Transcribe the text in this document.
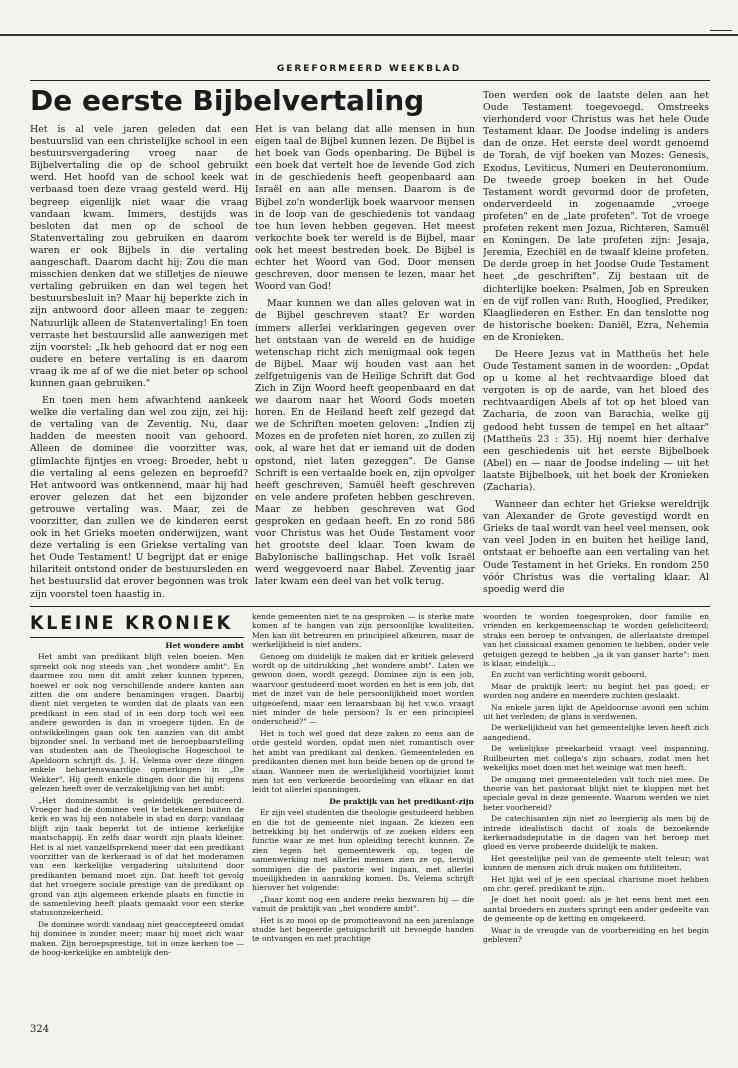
GEREFORMEERD WEEKBLAD
De eerste Bijbelvertaling

Het is al vele jaren geleden dat een bestuurslid van een christelijke school in een bestuursvergadering vroeg naar de Bijbelvertaling die op de school gebruikt werd. Het hoofd van de school keek wat verbaasd toen deze vraag gesteld werd. Hij begreep eigenlijk niet waar die vraag vandaan kwam. Immers, destijds was besloten dat men op de school de Statenvertaling zou gebruiken en daarom waren er ook Bijbels in die vertaling aangeschaft. Daarom dacht hij: Zou die man misschien denken dat we stilletjes de nieuwe vertaling gebruiken en dan wel tegen het bestuursbesluit in? Maar hij beperkte zich in zijn antwoord door alleen maar te zeggen: Natuurlijk alleen de Statenvertaling! En toen verraste het bestuurslid alle aanwezigen met zijn voorstel: „Ik heb gehoord dat er nog een oudere en betere vertaling is en daarom vraag ik me af of we die niet beter op school kunnen gaan gebruiken."

En toen men hem afwachtend aankeek welke die vertaling dan wel zou zijn, zei hij: de vertaling van de Zeventig. Nu, daar hadden de meesten nooit van gehoord. Alleen de dominee die voorzitter was, glimlachte fijntjes en vroeg: Broeder, hebt u die vertaling al eens gelezen en beproefd? Het antwoord was ontkennend, maar hij had erover gelezen dat het een bijzonder getrouwe vertaling was. Maar, zei de voorzitter, dan zullen we de kinderen eerst ook in het Grieks moeten onderwijzen, want deze vertaling is een Griekse vertaling van het Oude Testament! U begrijpt dat er enige hilariteit ontstond onder de bestuursleden en het bestuurslid dat erover begonnen was trok zijn voorstel toen haastig in.

Het is van belang dat alle mensen in hun eigen taal de Bijbel kunnen lezen. De Bijbel is het boek van Gods openbaring. De Bijbel is een boek dat vertelt hoe de levende God zich in de geschiedenis heeft geopenbaard aan Israël en aan alle mensen. Daarom is de Bijbel zo'n wonderlijk boek waarvoor mensen in de loop van de geschiedenis tot vandaag toe hun leven hebben gegeven. Het meest verkochte boek ter wereld is de Bijbel, maar ook het meest bestreden boek. De Bijbel is echter het Woord van God. Door mensen geschreven, door mensen te lezen, maar het Woord van God!

Maar kunnen we dan alles geloven wat in de Bijbel geschreven staat? Er worden immers allerlei verklaringen gegeven over het ontstaan van de wereld en de huidige wetenschap richt zich menigmaal ook tegen de Bijbel. Maar wij houden vast aan het zelfgetuigenis van de Heilige Schrift dat God Zich in Zijn Woord heeft geopenbaard en dat we daarom naar het Woord Gods moeten horen. En de Heiland heeft zelf gezegd dat we de Schriften moeten geloven: „Indien zij Mozes en de profeten niet horen, zo zullen zij ook, al ware het dat er iemand uit de doden opstond, niet laten gezeggen". De Ganse Schrift is een vertaalde boek en, zijn opvolger heeft geschreven, Samuël heeft geschreven en vele andere profeten hebben geschreven. Maar ze hebben geschreven wat God gesproken en gedaan heeft. En zo rond 586 voor Christus was het Oude Testament voor het grootste deel klaar. Toen kwam de Babylonische ballingschap. Het volk Israël werd weggevoerd naar Babel. Zeventig jaar later kwam een deel van het volk terug.

Toen werden ook de laatste delen aan het Oude Testament toegevoegd. Omstreeks vierhonderd voor Christus was het hele Oude Testament klaar. De Joodse indeling is anders dan de onze. Het eerste deel wordt genoemd de Torah, de vijf boeken van Mozes: Genesis, Exodus, Leviticus, Numeri en Deuteronomium. De tweede groep boeken in het Oude Testament wordt gevormd door de profeten, onderverdeeld in zogenaamde „vroege profeten" en de „late profeten". Tot de vroege profeten rekent men Jozua, Richteren, Samuël en Koningen. De late profeten zijn: Jesaja, Jeremia, Ezechiël en de twaalf kleine profeten. De derde groep in het Joodse Oude Testament heet „de geschriften". Zij bestaan uit de dichterlijke boeken: Psalmen, Job en Spreuken en de vijf rollen van: Ruth, Hooglied, Prediker, Klaagliederen en Esther. En dan tenslotte nog de historische boeken: Daniël, Ezra, Nehemia en de Kronieken.

De Heere Jezus vat in Mattheüs het hele Oude Testament samen in de woorden: „Opdat op u kome al het rechtvaardige bloed dat vergoten is op de aarde, van het bloed des rechtvaardigen Abels af tot op het bloed van Zacharia, de zoon van Barachia, welke gij gedood hebt tussen de tempel en het altaar" (Mattheüs 23 : 35). Hij noemt hier derhalve een geschiedenis uit het eerste Bijbelboek (Abel) en — naar de Joodse indeling — uit het laatste Bijbelboek, uit het boek der Kronieken (Zacharia).

Wanneer dan echter het Griekse wereldrijk van Alexander de Grote gevestigd wordt en Grieks de taal wordt van heel veel mensen, ook van veel Joden in en buiten het heilige land, ontstaat er behoefte aan een vertaling van het Oude Testament in het Grieks. En rondom 250 vóór Christus was die vertaling klaar. Al spoedig werd die

KLEINE KRONIEK
Het wondere ambt

Het ambt van predikant blijft velen boeien. Men spreekt ook nog steeds van „het wondere ambt". En daarmee zou men dit ambt zeker kunnen typeren, hoewel er ook nog verschillende andere kanten aan zitten die om andere benamingen vragen. Daarbij dient niet vergeten te worden dat de plaats van een predikant in een stad of in een dorp toch wel een andere geworden is dan in vroegere tijden. En de ontwikkelingen gaan ook ten aanzien van dit ambt bijzonder snel. In verband met de beroepbaarstelling van studenten aan de Theologische Hogeschool te Apeldoorn schrijft ds. J. H. Velema over deze dingen enkele behartenswaardige opmerkingen in „De Wekker". Hij geeft enkele dingen door die hij ergens gelezen heeft over de verzakelijking van het ambt:

„Het dominesambt is geleidelijk gereduceerd. Vroeger had de dominee veel te betekenen buiten de kerk en was hij een notabele in stad en dorp; vandaag blijft zijn taak beperkt tot de intieme kerkelijke maatschappij. En zelfs daar wordt zijn plaats kleiner. Het is al niet vanzelfsprekend meer dat een predikant voorzitter van de kerkeraad is of dat het moderamen van een kerkelijke vergadering uitsluitend door predikanten bemand moet zijn. Dat heeft tot gevolg dat het vroegere sociale prestige van de predikant op grond van zijn algemeen erkende plaats en functie in de samenleving heeft plaats gemaakt voor een sterke statusonzekerheid.

De dominee wordt vandaag niet geaccepteerd omdat hij dominee is zonder meer; maar hij moet zich waar maken. Zijn beroepsprestige, tot in onze kerken toe — de hoog-kerkelijke en ambtelijk den-

kende gemeenten niet te na gesproken — is sterke mate komen af te hangen van zijn persoonlijke kwaliteiten. Men kan dit betreuren en principieel afkeuren, maar de werkelijkheid is niet anders.

Genoeg om duidelijk te maken dat er kritiek geleverd wordt op de uitdrukking „het wondere ambt". Laten we gewoon doen, wordt gezegd. Dominee zijn is een job, waarvoor gestudeerd moet worden en het is een job, dat met de inzet van de hele persoonlijkheid moet worden uitgeoefend, maar een leraarsbaan bij het v.w.o. vraagt niet minder de hele persoon? Is er een principieel onderscheid?" —

Het is toch wel goed dat deze zaken zo eens aan de orde gesteld worden, opdat men niet romantisch over het ambt van predikant zal denken. Gemeenteleden en predikanten dienen met hun beide benen op de grond te staan. Wanneer men de werkelijkheid voorbijziet komt men tot een verkeerde beoordeling van elkaar en dat leidt tot allerlei spanningen.

De praktijk van het predikant-zijn

Er zijn veel studenten die theologie gestudeerd hebben en die tot de gemeente niet ingaan. Ze kiezen een betrekking bij het onderwijs of ze zoeken elders een functie waar ze met hun opleiding terecht kunnen. Ze zien tegen het gemeentewerk op, tegen de samenwerking met allerlei mensen zien ze op, terwijl sommigen die de pastorie wel ingaan, met allerlei moeilijkheden in aanraking komen. Ds. Velema schrijft hierover het volgende:

„Daar komt nog een andere reeks bezwaren bij — die vanuit de praktijk van „het wondere ambt".

Het is zo mooi op de promotieavond na een jarenlange studie het begeerde getuigschrift uit bevoegde handen te ontvangen en met prachtige

woorden te worden toegesproken, door familie en vrienden en kerkgemeenschap te worden gefeliciteerd; straks een beroep te ontvangen, de allerlaatste drempel van het classicaal examen genomen te hebben, onder vele getuigen gezegd te hebben „ja ik van ganser harte": men is klaar, eindelijk…

En zucht van verlichting wordt geboord.

Maar de praktijk leert: nu begint het pas goed; er worden nog andere en meerdere zuchten geslaakt.

Na enkele jaren lijkt de Apeldoornse avond een schim uit het verleden; de glans is verdwenen.

De werkelijkheid van het gemeentelijke leven heeft zich aangediend.

De wekelijkse preekarbeid vraagt veel inspanning. Ruilbeurten met collega's zijn schaars, zodat men het wekelijks moet doen met het weinige wat men heeft.

De omgang met gemeenteleden valt toch niet mee. De theorie van het pastoraat blijkt niet te kloppen met het speciale geval in deze gemeente. Waarom werden we niet beter voorbereid?

De catechisanten zijn niet zo leergierig als men bij de intrede idealistisch dacht of zoals de bezoekende kerkeraadsdeputatie in de dagen van het beroep met gloed en verve probeerde duidelijk te maken.

Het geestelijke peil van de gemeente stelt teleur; wat kunnen de mensen zich druk maken om futiliteiten.

Het lijkt wel of je een speciaal charisme moet hebben om chr. geref. predikant te zijn.

Je doet het nooit goed: als je het eens bent met een aantal broeders en zusters springt een ander gedeelte van de gemeente op de ketting en omgekeerd.

Waar is de vreugde van de voorbereiding en het begin gebleven?

324
